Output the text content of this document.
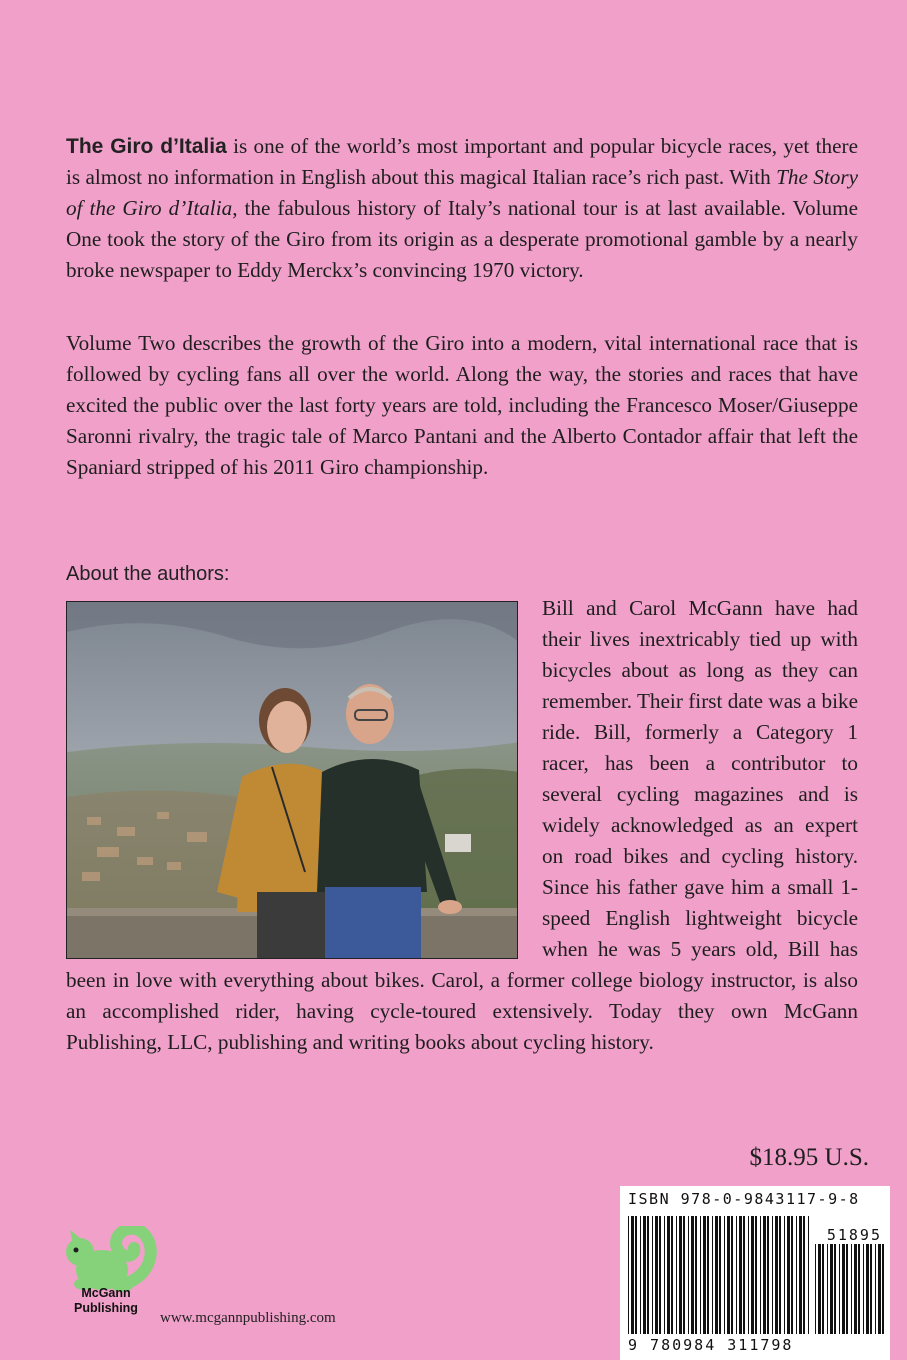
The Giro d’Italia is one of the world’s most important and popular bicycle races, yet there is almost no information in English about this magical Italian race’s rich past. With The Story of the Giro d’Italia, the fabulous history of Italy’s national tour is at last available. Volume One took the story of the Giro from its origin as a desperate promotional gamble by a nearly broke newspaper to Eddy Merckx’s convincing 1970 victory.

Volume Two describes the growth of the Giro into a modern, vital international race that is followed by cycling fans all over the world. Along the way, the stories and races that have excited the public over the last forty years are told, including the Francesco Moser/Giuseppe Saronni rivalry, the tragic tale of Marco Pantani and the Alberto Contador affair that left the Spaniard stripped of his 2011 Giro championship.

About the authors:
Bill and Carol McGann have had their lives inextricably tied up with bicycles about as long as they can remember. Their first date was a bike ride. Bill, formerly a Category 1 racer, has been a contributor to several cycling magazines and is widely acknowledged as an expert on road bikes and cycling history. Since his father gave him a small 1-speed English lightweight bicycle when he was 5 years old, Bill has been in love with everything about bikes. Carol, a former college biology instructor, is also an accomplished rider, having cycle-toured extensively. Today they own McGann Publishing, LLC, publishing and writing books about cycling history.
$18.95 U.S.
ISBN 978-0-9843117-9-8
51895
9 780984 311798
McGann
Publishing
www.mcgannpublishing.com
